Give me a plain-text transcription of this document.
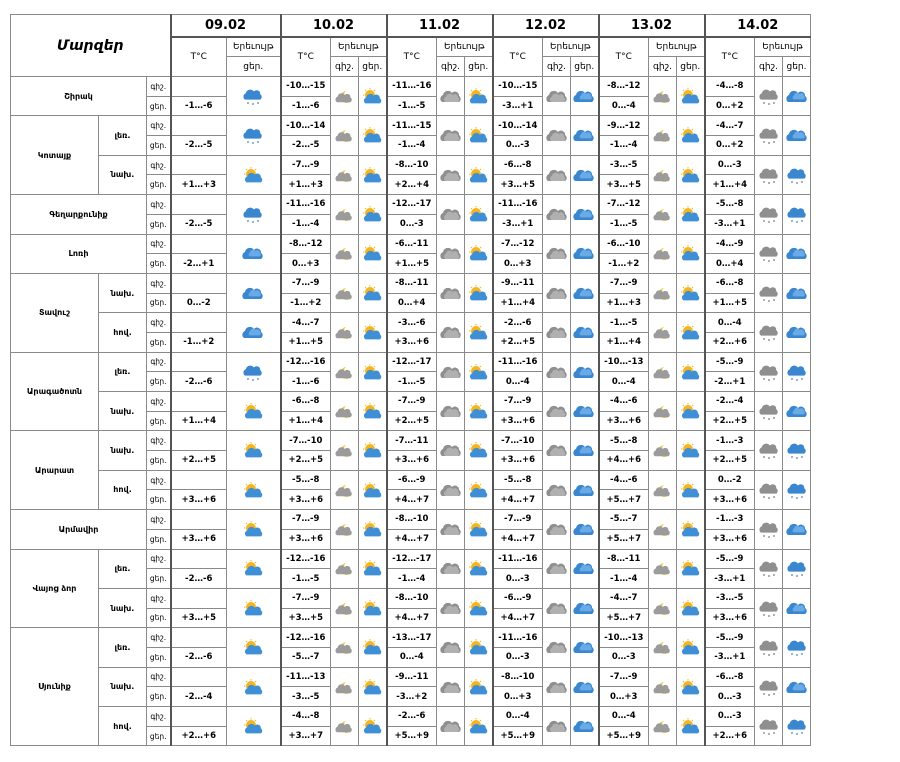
Մարզեր			09.02		10.02			11.02			12.02			13.02			14.02		
			T°C	Երեւույթ	T°C	Երեւույթ		T°C	Երեւույթ		T°C	Երեւույթ		T°C	Երեւույթ		T°C	Երեւույթ	
				ցեր.		գիշ.	ցեր.		գիշ.	ցեր.		գիշ.	ցեր.		գիշ.	ցեր.		գիշ.	ցեր.
Շիրակ		գիշ.			-10…-15			-11…-16			-10…-15			-8…-12			-4…-8		
		ցեր.	-1…-6		-1…-6			-1…-5			-3…+1			0…-4			0…+2		
Կոտայք	լեռ.	գիշ.			-10…-14			-11…-15			-10…-14			-9…-12			-4…-7		
		ցեր.	-2…-5		-2…-5			-1…-4			0…-3			-1…-4			0…+2		
	նախ.	գիշ.			-7…-9			-8…-10			-6…-8			-3…-5			0…-3		
		ցեր.	+1…+3		+1…+3			+2…+4			+3…+5			+3…+5			+1…+4		
Գեղարքունիք		գիշ.			-11…-16			-12…-17			-11…-16			-7…-12			-5…-8		
		ցեր.	-2…-5		-1…-4			0…-3			-3…+1			-1…-5			-3…+1		
Լոռի		գիշ.			-8…-12			-6…-11			-7…-12			-6…-10			-4…-9		
		ցեր.	-2…+1		0…+3			+1…+5			0…+3			-1…+2			0…+4		
Տավուշ	նախ.	գիշ.			-7…-9			-8…-11			-9…-11			-7…-9			-6…-8		
		ցեր.	0…-2		-1…+2			0…+4			+1…+4			+1…+3			+1…+5		
	հով.	գիշ.			-4…-7			-3…-6			-2…-6			-1…-5			0…-4		
		ցեր.	-1…+2		+1…+5			+3…+6			+2…+5			+1…+4			+2…+6		
Արագածոտն	լեռ.	գիշ.			-12…-16			-12…-17			-11…-16			-10…-13			-5…-9		
		ցեր.	-2…-6		-1…-6			-1…-5			0…-4			0…-4			-2…+1		
	նախ.	գիշ.			-6…-8			-7…-9			-7…-9			-4…-6			-2…-4		
		ցեր.	+1…+4		+1…+4			+2…+5			+3…+6			+3…+6			+2…+5		
Արարատ	նախ.	գիշ.			-7…-10			-7…-11			-7…-10			-5…-8			-1…-3		
		ցեր.	+2…+5		+2…+5			+3…+6			+3…+6			+4…+6			+2…+5		
	հով.	գիշ.			-5…-8			-6…-9			-5…-8			-4…-6			0…-2		
		ցեր.	+3…+6		+3…+6			+4…+7			+4…+7			+5…+7			+3…+6		
Արմավիր		գիշ.			-7…-9			-8…-10			-7…-9			-5…-7			-1…-3		
		ցեր.	+3…+6		+3…+6			+4…+7			+4…+7			+5…+7			+3…+6		
Վայոց ձոր	լեռ.	գիշ.			-12…-16			-12…-17			-11…-16			-8…-11			-5…-9		
		ցեր.	-2…-6		-1…-5			-1…-4			0…-3			-1…-4			-3…+1		
	նախ.	գիշ.			-7…-9			-8…-10			-6…-9			-4…-7			-3…-5		
		ցեր.	+3…+5		+3…+5			+4…+7			+4…+7			+5…+7			+3…+6		
Սյունիք	լեռ.	գիշ.			-12…-16			-13…-17			-11…-16			-10…-13			-5…-9		
		ցեր.	-2…-6		-5…-7			0…-4			0…-3			0…-3			-3…+1		
	նախ.	գիշ.			-11…-13			-9…-11			-8…-10			-7…-9			-6…-8		
		ցեր.	-2…-4		-3…-5			-3…+2			0…+3			0…+3			0…-3		
	հով.	գիշ.			-4…-8			-2…-6			0…-4			0…-4			0…-3		
		ցեր.	+2…+6		+3…+7			+5…+9			+5…+9			+5…+9			+2…+6		
